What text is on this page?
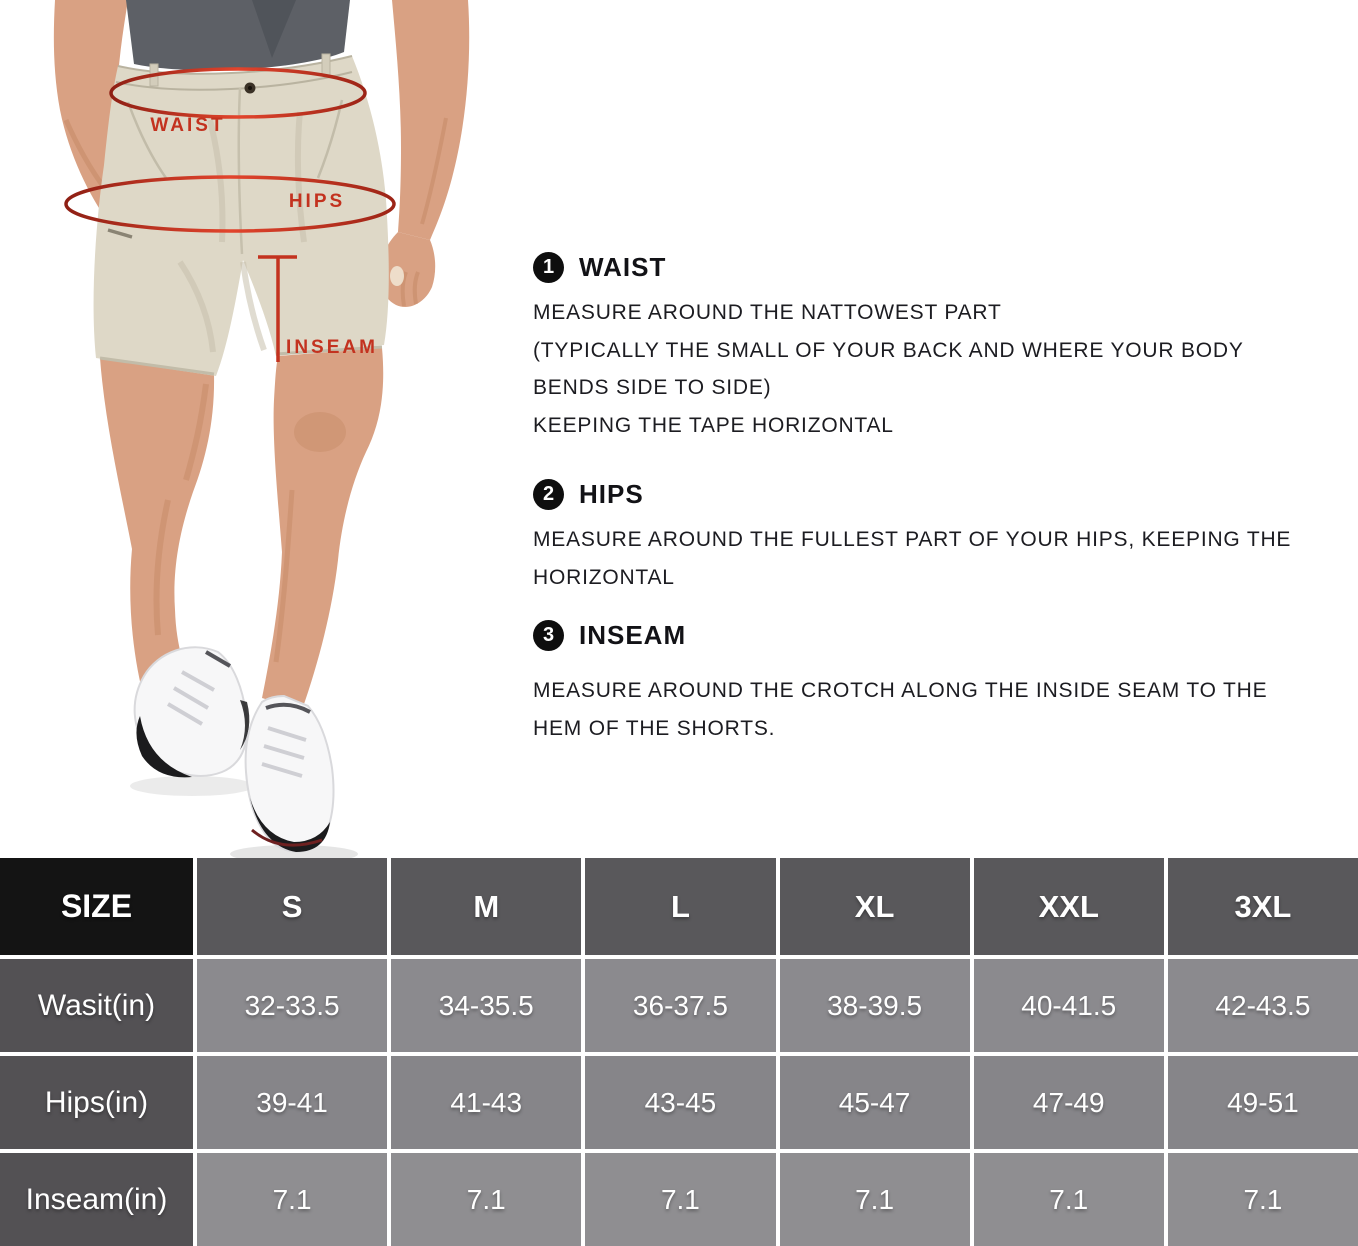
WAIST
HIPS
INSEAM
1 WAIST
MEASURE AROUND THE NATTOWEST PART
(TYPICALLY THE SMALL OF YOUR BACK AND WHERE YOUR BODY
BENDS SIDE TO SIDE)
KEEPING THE TAPE HORIZONTAL
2 HIPS
MEASURE AROUND THE FULLEST PART OF YOUR HIPS, KEEPING THE
HORIZONTAL
3 INSEAM
MEASURE AROUND THE CROTCH ALONG THE INSIDE SEAM TO THE
HEM OF THE SHORTS.
SIZE	S	M	L	XL	XXL	3XL
Wasit(in)	32-33.5	34-35.5	36-37.5	38-39.5	40-41.5	42-43.5
Hips(in)	39-41	41-43	43-45	45-47	47-49	49-51
Inseam(in)	7.1	7.1	7.1	7.1	7.1	7.1
